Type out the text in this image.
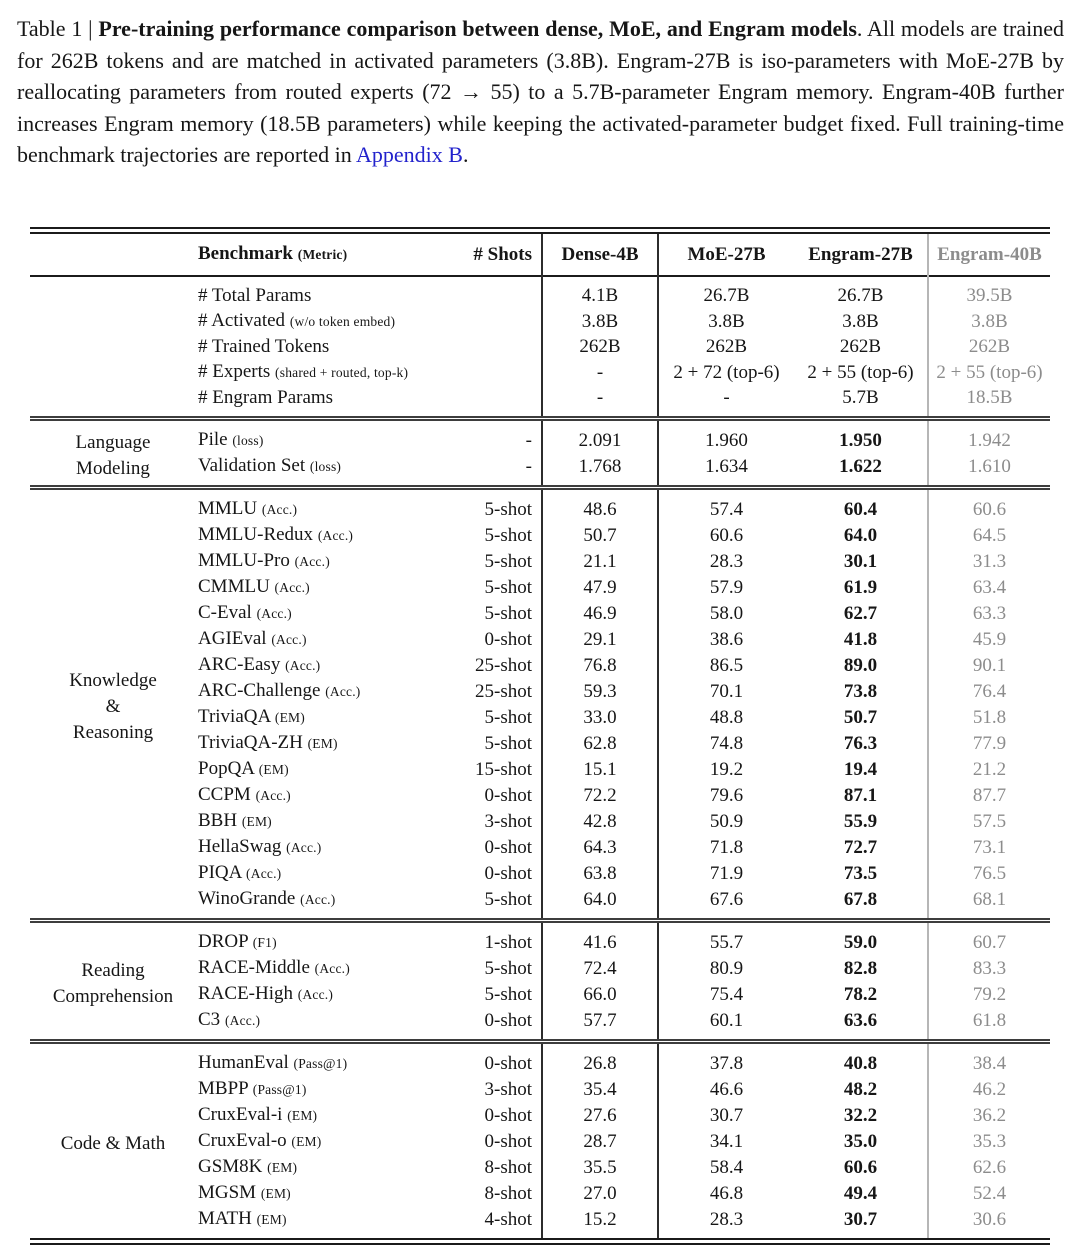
Table 1 | Pre-training performance comparison between dense, MoE, and Engram models. All models are trained for 262B tokens and are matched in activated parameters (3.8B). Engram-27B is iso-parameters with MoE-27B by reallocating parameters from routed experts (72 → 55) to a 5.7B-parameter Engram memory. Engram-40B further increases Engram memory (18.5B parameters) while keeping the activated-parameter budget fixed. Full training-time benchmark trajectories are reported in Appendix B.

	Benchmark (Metric)	# Shots	Dense-4B	MoE-27B	Engram-27B	Engram-40B
	# Total Params		4.1B	26.7B	26.7B	39.5B
	# Activated (w/o token embed)		3.8B	3.8B	3.8B	3.8B
	# Trained Tokens		262B	262B	262B	262B
	# Experts (shared + routed, top-k)		-	2 + 72 (top-6)	2 + 55 (top-6)	2 + 55 (top-6)
	# Engram Params		-	-	5.7B	18.5B
Language
Modeling	Pile (loss)	-	2.091	1.960	1.950	1.942
	Validation Set (loss)	-	1.768	1.634	1.622	1.610
Knowledge
&
Reasoning	MMLU (Acc.)	5-shot	48.6	57.4	60.4	60.6
	MMLU-Redux (Acc.)	5-shot	50.7	60.6	64.0	64.5
	MMLU-Pro (Acc.)	5-shot	21.1	28.3	30.1	31.3
	CMMLU (Acc.)	5-shot	47.9	57.9	61.9	63.4
	C-Eval (Acc.)	5-shot	46.9	58.0	62.7	63.3
	AGIEval (Acc.)	0-shot	29.1	38.6	41.8	45.9
	ARC-Easy (Acc.)	25-shot	76.8	86.5	89.0	90.1
	ARC-Challenge (Acc.)	25-shot	59.3	70.1	73.8	76.4
	TriviaQA (EM)	5-shot	33.0	48.8	50.7	51.8
	TriviaQA-ZH (EM)	5-shot	62.8	74.8	76.3	77.9
	PopQA (EM)	15-shot	15.1	19.2	19.4	21.2
	CCPM (Acc.)	0-shot	72.2	79.6	87.1	87.7
	BBH (EM)	3-shot	42.8	50.9	55.9	57.5
	HellaSwag (Acc.)	0-shot	64.3	71.8	72.7	73.1
	PIQA (Acc.)	0-shot	63.8	71.9	73.5	76.5
	WinoGrande (Acc.)	5-shot	64.0	67.6	67.8	68.1
Reading
Comprehension	DROP (F1)	1-shot	41.6	55.7	59.0	60.7
	RACE-Middle (Acc.)	5-shot	72.4	80.9	82.8	83.3
	RACE-High (Acc.)	5-shot	66.0	75.4	78.2	79.2
	C3 (Acc.)	0-shot	57.7	60.1	63.6	61.8
Code & Math	HumanEval (Pass@1)	0-shot	26.8	37.8	40.8	38.4
	MBPP (Pass@1)	3-shot	35.4	46.6	48.2	46.2
	CruxEval-i (EM)	0-shot	27.6	30.7	32.2	36.2
	CruxEval-o (EM)	0-shot	28.7	34.1	35.0	35.3
	GSM8K (EM)	8-shot	35.5	58.4	60.6	62.6
	MGSM (EM)	8-shot	27.0	46.8	49.4	52.4
	MATH (EM)	4-shot	15.2	28.3	30.7	30.6
